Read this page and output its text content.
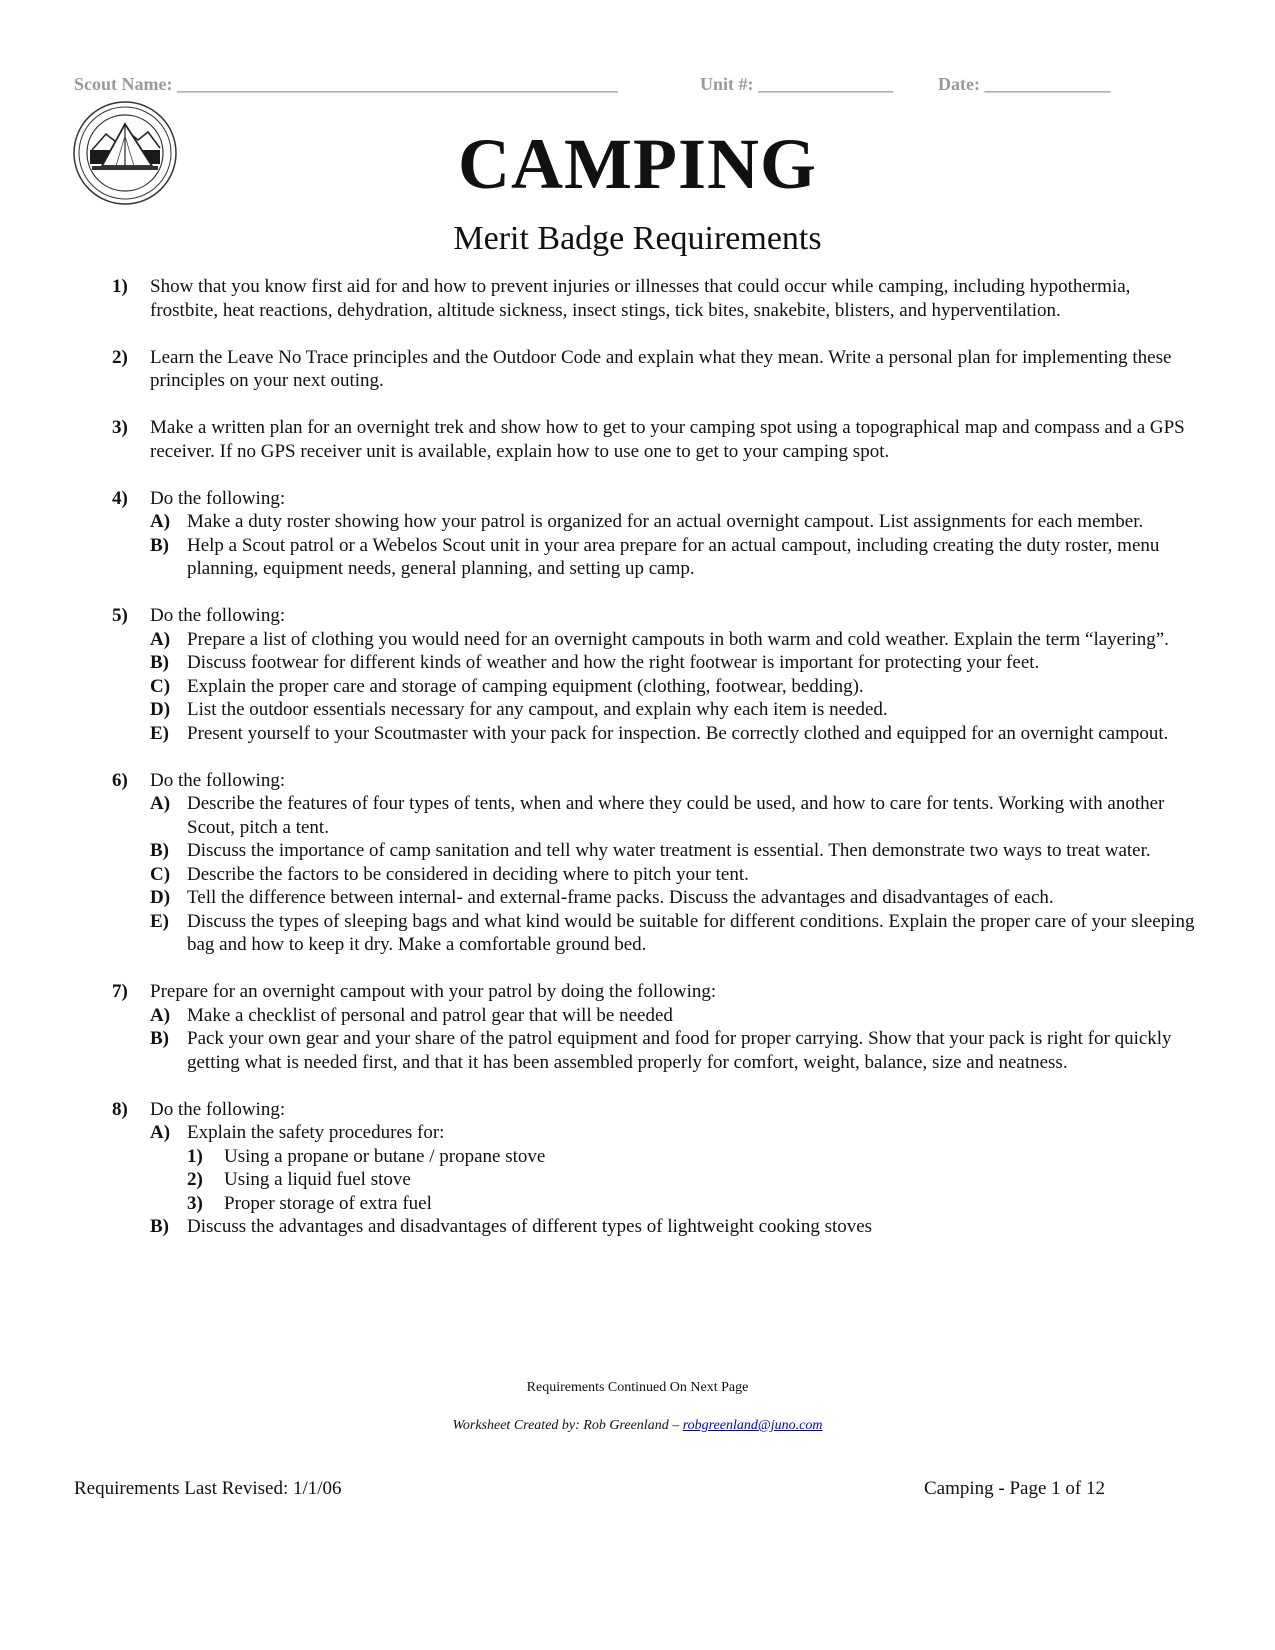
Scout Name: _________________________________________________	Unit #: _______________	Date: ______________
CAMPING
Merit Badge Requirements
1) Show that you know first aid for and how to prevent injuries or illnesses that could occur while camping, including hypothermia, frostbite, heat reactions, dehydration, altitude sickness, insect stings, tick bites, snakebite, blisters, and hyperventilation.
2) Learn the Leave No Trace principles and the Outdoor Code and explain what they mean. Write a personal plan for implementing these principles on your next outing.
3) Make a written plan for an overnight trek and show how to get to your camping spot using a topographical map and compass and a GPS receiver. If no GPS receiver unit is available, explain how to use one to get to your camping spot.
4) Do the following:
A) Make a duty roster showing how your patrol is organized for an actual overnight campout. List assignments for each member.
B) Help a Scout patrol or a Webelos Scout unit in your area prepare for an actual campout, including creating the duty roster, menu planning, equipment needs, general planning, and setting up camp.
5) Do the following:
A) Prepare a list of clothing you would need for an overnight campouts in both warm and cold weather. Explain the term “layering”.
B) Discuss footwear for different kinds of weather and how the right footwear is important for protecting your feet.
C) Explain the proper care and storage of camping equipment (clothing, footwear, bedding).
D) List the outdoor essentials necessary for any campout, and explain why each item is needed.
E) Present yourself to your Scoutmaster with your pack for inspection. Be correctly clothed and equipped for an overnight campout.
6) Do the following:
A) Describe the features of four types of tents, when and where they could be used, and how to care for tents. Working with another Scout, pitch a tent.
B) Discuss the importance of camp sanitation and tell why water treatment is essential. Then demonstrate two ways to treat water.
C) Describe the factors to be considered in deciding where to pitch your tent.
D) Tell the difference between internal- and external-frame packs. Discuss the advantages and disadvantages of each.
E) Discuss the types of sleeping bags and what kind would be suitable for different conditions. Explain the proper care of your sleeping bag and how to keep it dry. Make a comfortable ground bed.
7) Prepare for an overnight campout with your patrol by doing the following:
A) Make a checklist of personal and patrol gear that will be needed
B) Pack your own gear and your share of the patrol equipment and food for proper carrying. Show that your pack is right for quickly getting what is needed first, and that it has been assembled properly for comfort, weight, balance, size and neatness.
8) Do the following:
A) Explain the safety procedures for:
1) Using a propane or butane / propane stove
2) Using a liquid fuel stove
3) Proper storage of extra fuel
B) Discuss the advantages and disadvantages of different types of lightweight cooking stoves
Requirements Continued On Next Page
Worksheet Created by: Rob Greenland – robgreenland@juno.com
Requirements Last Revised: 1/1/06	Camping - Page 1 of 12
